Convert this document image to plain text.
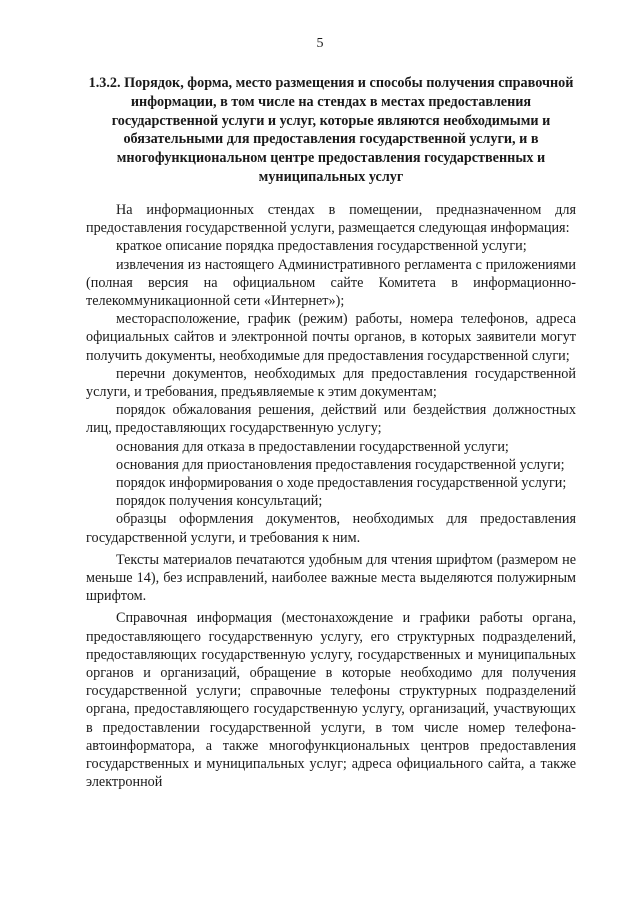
5
1.3.2. Порядок, форма, место размещения и способы получения справочной информации, в том числе на стендах в местах предоставления государственной услуги и услуг, которые являются необходимыми и обязательными для предоставления государственной услуги, и в многофункциональном центре предоставления государственных и муниципальных услуг

На информационных стендах в помещении, предназначенном для предоставления государственной услуги, размещается следующая информация:

краткое описание порядка предоставления государственной услуги;

извлечения из настоящего Административного регламента с приложениями (полная версия на официальном сайте Комитета в информационно-телекоммуникационной сети «Интернет»);

месторасположение, график (режим) работы, номера телефонов, адреса официальных сайтов и электронной почты органов, в которых заявители могут получить документы, необходимые для предоставления государственной слуги;

перечни документов, необходимых для предоставления государственной услуги, и требования, предъявляемые к этим документам;

порядок обжалования решения, действий или бездействия должностных лиц, предоставляющих государственную услугу;

основания для отказа в предоставлении государственной услуги;

основания для приостановления предоставления государственной услуги;

порядок информирования о ходе предоставления государственной услуги;

порядок получения консультаций;

образцы оформления документов, необходимых для предоставления государственной услуги, и требования к ним.

Тексты материалов печатаются удобным для чтения шрифтом (размером не меньше 14), без исправлений, наиболее важные места выделяются полужирным шрифтом.

Справочная информация (местонахождение и графики работы органа, предоставляющего государственную услугу, его структурных подразделений, предоставляющих государственную услугу, государственных и муниципальных органов и организаций, обращение в которые необходимо для получения государственной услуги; справочные телефоны структурных подразделений органа, предоставляющего государственную услугу, организаций, участвующих в предоставлении государственной услуги, в том числе номер телефона-автоинформатора, а также многофункциональных центров предоставления государственных и муниципальных услуг; адреса официального сайта, а также электронной
